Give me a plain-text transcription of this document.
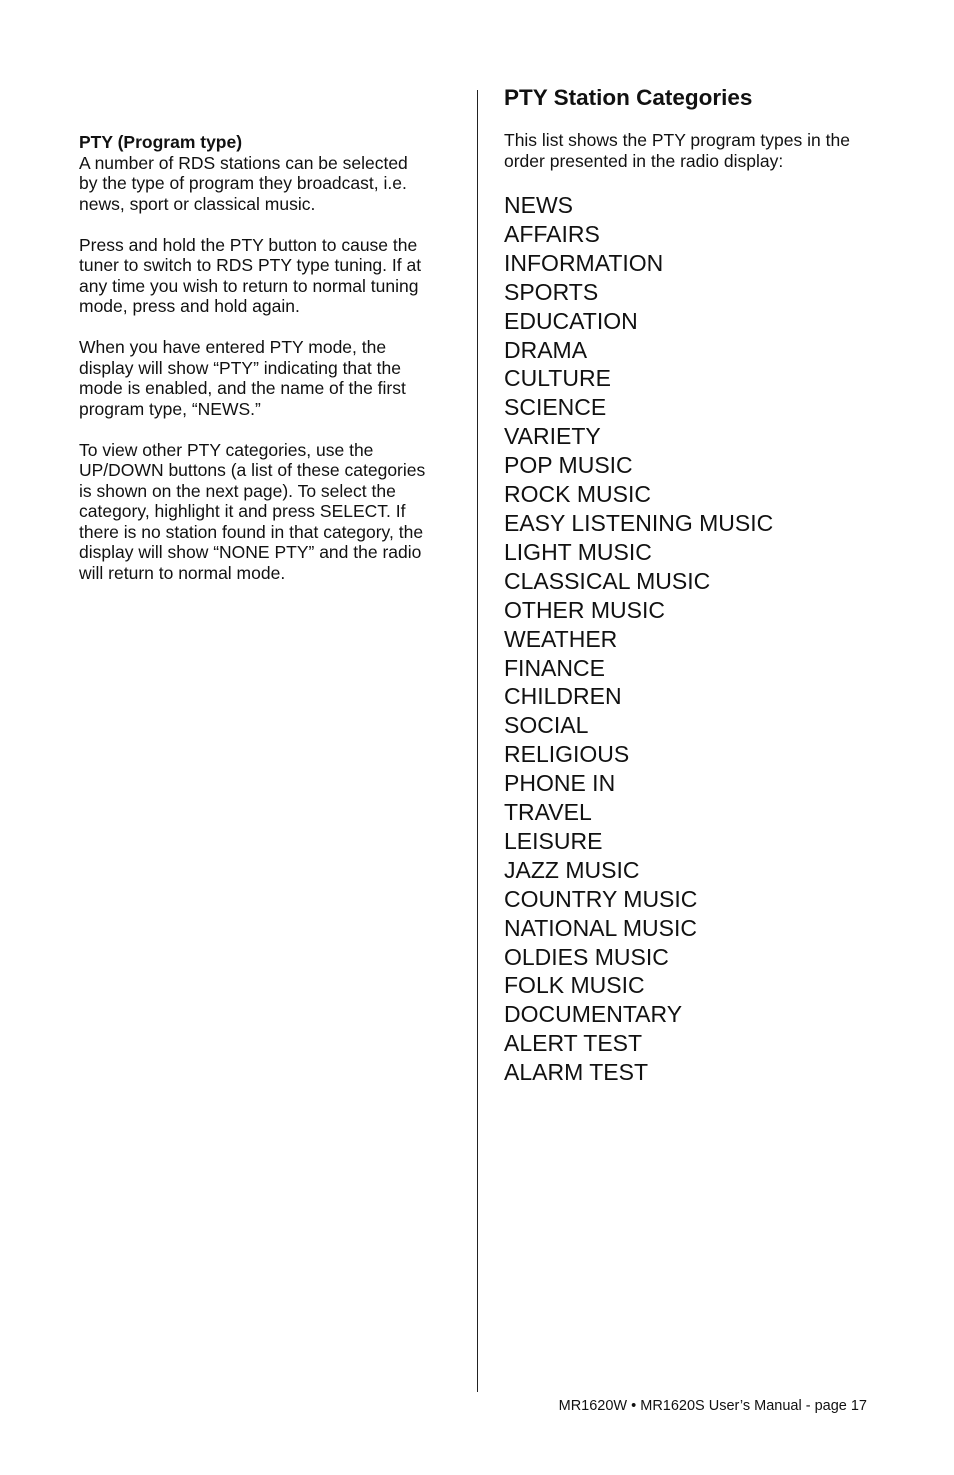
PTY (Program type)

A number of RDS stations can be selected
by the type of program they broadcast, i.e.
news, sport or classical music.

Press and hold the PTY button to cause the
tuner to switch to RDS PTY type tuning. If at
any time you wish to return to normal tuning
mode, press and hold again.

When you have entered PTY mode, the
display will show “PTY” indicating that the
mode is enabled, and the name of the first
program type, “NEWS.”

To view other PTY categories, use the
UP/DOWN buttons (a list of these categories
is shown on the next page). To select the
category, highlight it and press SELECT. If
there is no station found in that category, the
display will show “NONE PTY” and the radio
will return to normal mode.

PTY Station Categories

This list shows the PTY program types in the
order presented in the radio display:

NEWS
AFFAIRS
INFORMATION
SPORTS
EDUCATION
DRAMA
CULTURE
SCIENCE
VARIETY
POP MUSIC
ROCK MUSIC
EASY LISTENING MUSIC
LIGHT MUSIC
CLASSICAL MUSIC
OTHER MUSIC
WEATHER
FINANCE
CHILDREN
SOCIAL
RELIGIOUS
PHONE IN
TRAVEL
LEISURE
JAZZ MUSIC
COUNTRY MUSIC
NATIONAL MUSIC
OLDIES MUSIC
FOLK MUSIC
DOCUMENTARY
ALERT TEST
ALARM TEST
MR1620W • MR1620S User’s Manual - page 17
